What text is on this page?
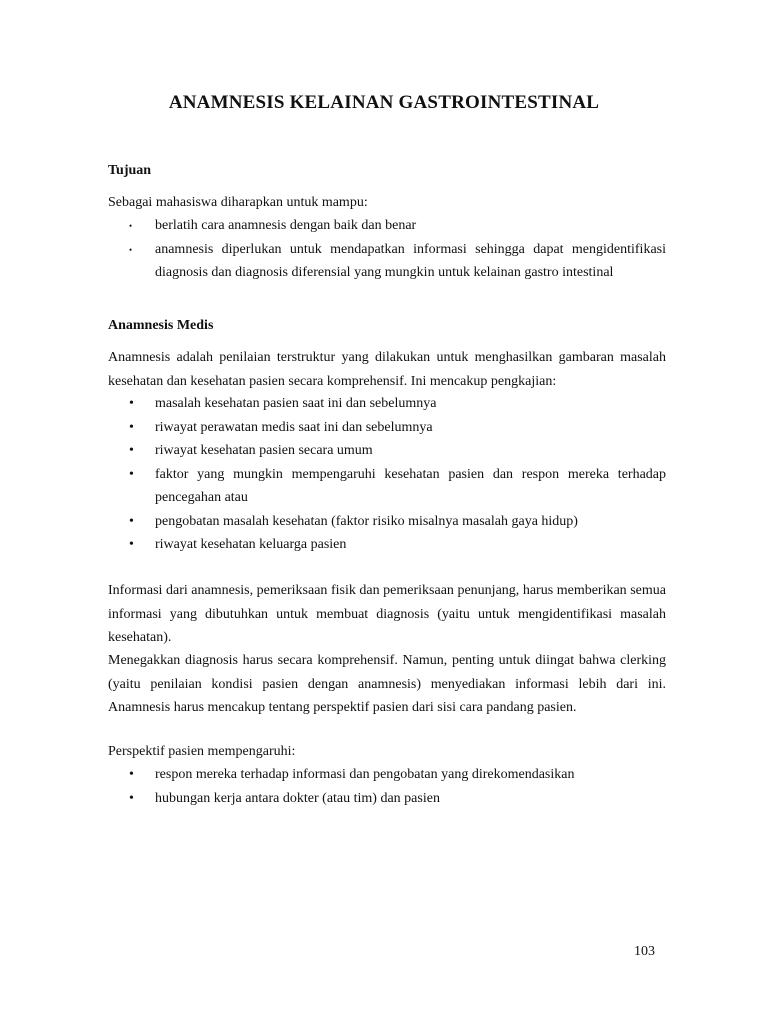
ANAMNESIS KELAINAN GASTROINTESTINAL
Tujuan
Sebagai mahasiswa diharapkan untuk mampu:
• berlatih cara anamnesis dengan baik dan benar
• anamnesis diperlukan untuk mendapatkan informasi sehingga dapat mengidentifikasi diagnosis dan diagnosis diferensial yang mungkin untuk kelainan gastro intestinal
Anamnesis Medis
Anamnesis adalah penilaian terstruktur yang dilakukan untuk menghasilkan gambaran masalah kesehatan dan kesehatan pasien secara komprehensif. Ini mencakup pengkajian:
• masalah kesehatan pasien saat ini dan sebelumnya
• riwayat perawatan medis saat ini dan sebelumnya
• riwayat kesehatan pasien secara umum
• faktor yang mungkin mempengaruhi kesehatan pasien dan respon mereka terhadap pencegahan atau
• pengobatan masalah kesehatan (faktor risiko misalnya masalah gaya hidup)
• riwayat kesehatan keluarga pasien
Informasi dari anamnesis, pemeriksaan fisik dan pemeriksaan penunjang, harus memberikan semua informasi yang dibutuhkan untuk membuat diagnosis (yaitu untuk mengidentifikasi masalah kesehatan).
Menegakkan diagnosis harus secara komprehensif. Namun, penting untuk diingat bahwa clerking (yaitu penilaian kondisi pasien dengan anamnesis) menyediakan informasi lebih dari ini. Anamnesis harus mencakup tentang perspektif pasien dari sisi cara pandang pasien.
Perspektif pasien mempengaruhi:
• respon mereka terhadap informasi dan pengobatan yang direkomendasikan
• hubungan kerja antara dokter (atau tim) dan pasien
103
